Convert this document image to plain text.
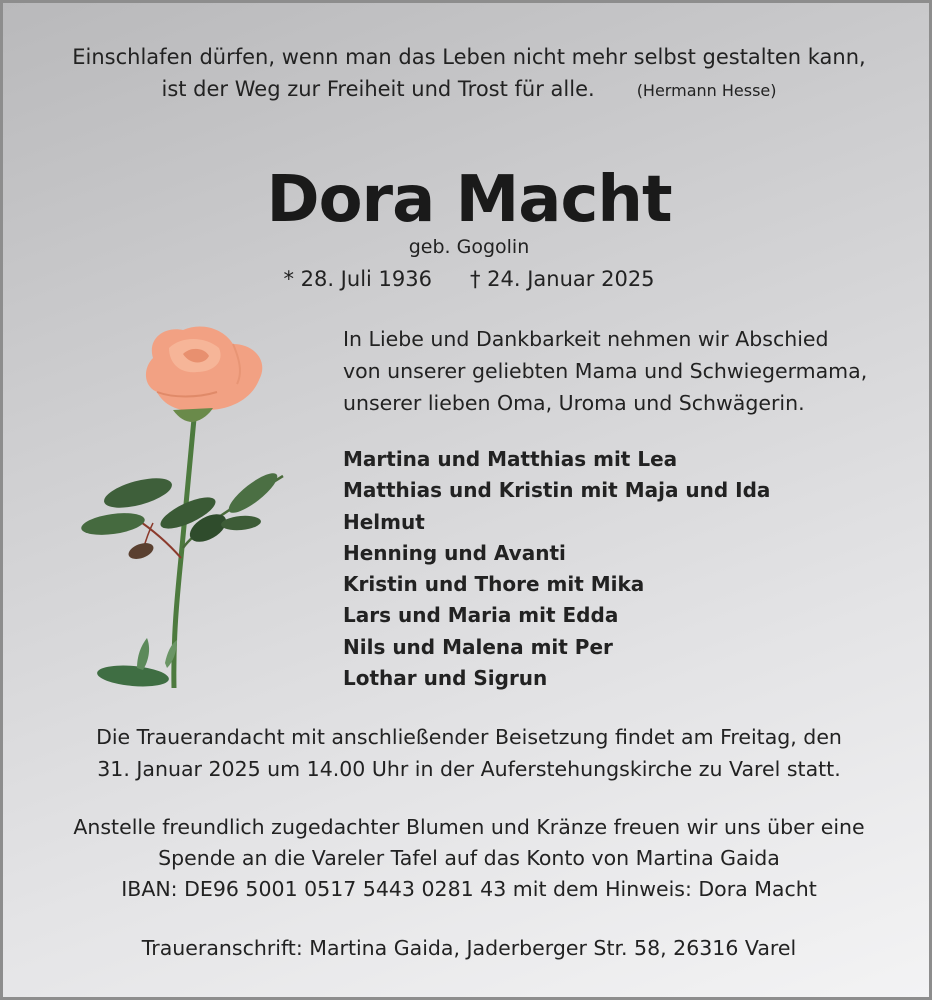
Einschlafen dürfen, wenn man das Leben nicht mehr selbst gestalten kann,
ist der Weg zur Freiheit und Trost für alle.	(Hermann Hesse)
Dora Macht
geb. Gogolin
* 28. Juli 1936 † 24. Januar 2025
In Liebe und Dankbarkeit nehmen wir Abschied
von unserer geliebten Mama und Schwiegermama,
unserer lieben Oma, Uroma und Schwägerin.
Martina und Matthias mit Lea
Matthias und Kristin mit Maja und Ida
Helmut
Henning und Avanti
Kristin und Thore mit Mika
Lars und Maria mit Edda
Nils und Malena mit Per
Lothar und Sigrun
Die Trauerandacht mit anschließender Beisetzung findet am Freitag, den
31. Januar 2025 um 14.00 Uhr in der Auferstehungskirche zu Varel statt.
Anstelle freundlich zugedachter Blumen und Kränze freuen wir uns über eine
Spende an die Vareler Tafel auf das Konto von Martina Gaida
IBAN: DE96 5001 0517 5443 0281 43 mit dem Hinweis: Dora Macht
Traueranschrift: Martina Gaida, Jaderberger Str. 58, 26316 Varel
